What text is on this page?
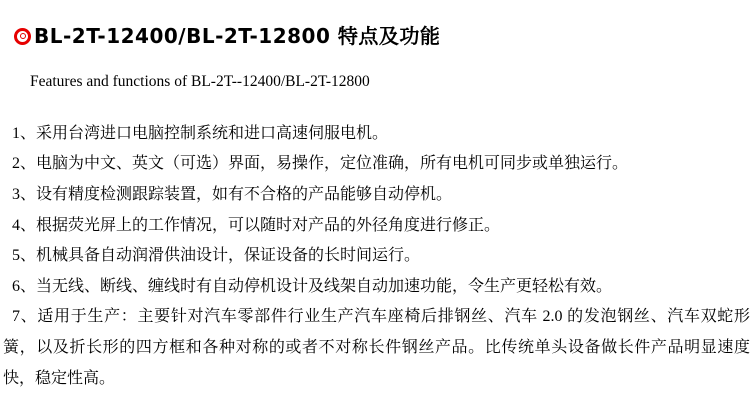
BL-2T-12400/BL-2T-12800 特点及功能

Features and functions of BL-2T--12400/BL-2T-12800

1、采用台湾进口电脑控制系统和进口高速伺服电机。

2、电脑为中文、英文（可选）界面，易操作，定位准确，所有电机可同步或单独运行。

3、设有精度检测跟踪装置，如有不合格的产品能够自动停机。

4、根据荧光屏上的工作情况，可以随时对产品的外径角度进行修正。

5、机械具备自动润滑供油设计，保证设备的长时间运行。

6、当无线、断线、缠线时有自动停机设计及线架自动加速功能，令生产更轻松有效。

7、适用于生产：主要针对汽车零部件行业生产汽车座椅后排钢丝、汽车 2.0 的发泡钢丝、汽车双蛇形簧，以及折长形的四方框和各种对称的或者不对称长件钢丝产品。比传统单头设备做长件产品明显速度快，稳定性高。
